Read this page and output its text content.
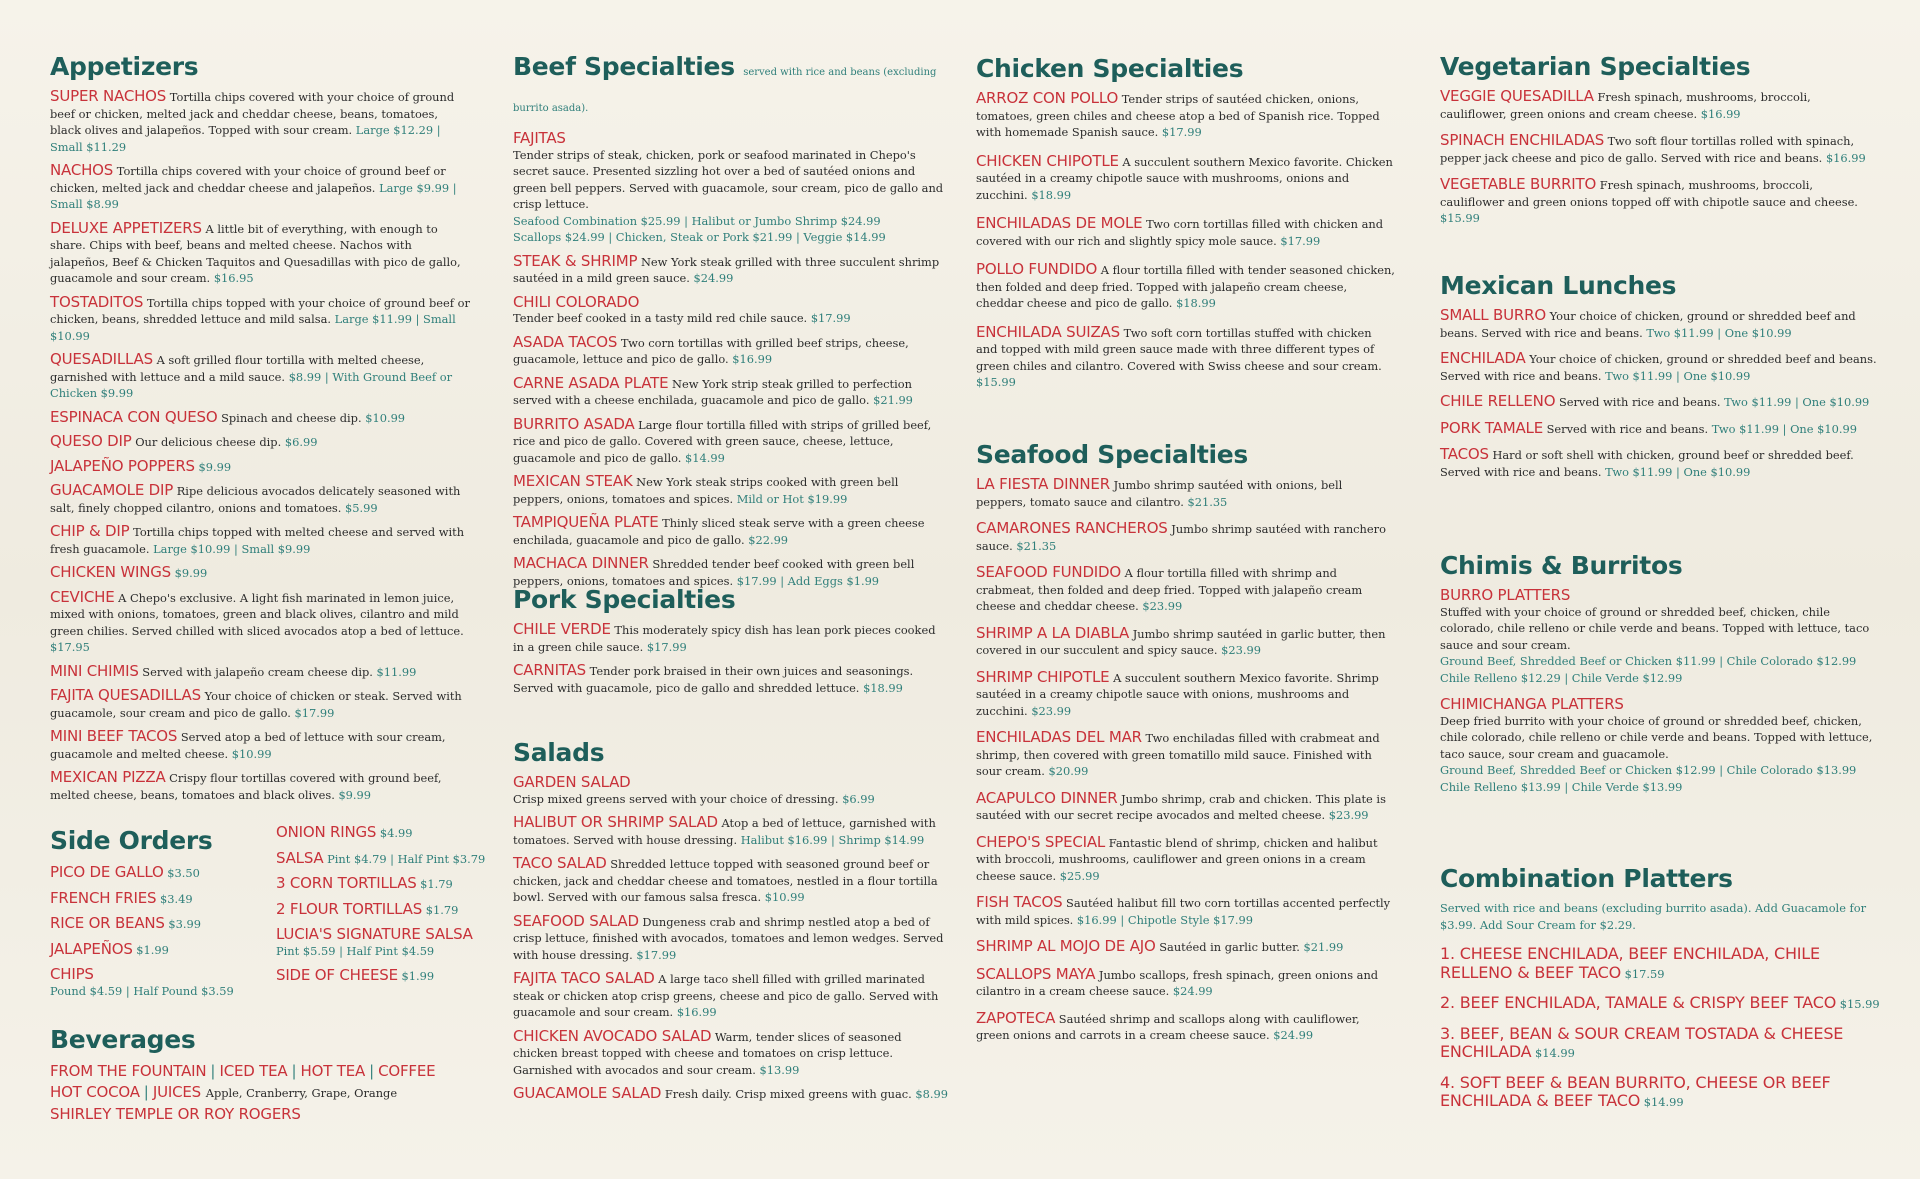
Appetizers
SUPER NACHOS Tortilla chips covered with your choice of ground beef or chicken, melted jack and cheddar cheese, beans, tomatoes, black olives and jalapeños. Topped with sour cream. Large $12.29 | Small $11.29
NACHOS Tortilla chips covered with your choice of ground beef or chicken, melted jack and cheddar cheese and jalapeños. Large $9.99 | Small $8.99
DELUXE APPETIZERS A little bit of everything, with enough to share. Chips with beef, beans and melted cheese. Nachos with jalapeños, Beef & Chicken Taquitos and Quesadillas with pico de gallo, guacamole and sour cream. $16.95
TOSTADITOS Tortilla chips topped with your choice of ground beef or chicken, beans, shredded lettuce and mild salsa. Large $11.99 | Small $10.99
QUESADILLAS A soft grilled flour tortilla with melted cheese, garnished with lettuce and a mild sauce. $8.99 | With Ground Beef or Chicken $9.99
ESPINACA CON QUESO Spinach and cheese dip. $10.99
QUESO DIP Our delicious cheese dip. $6.99
JALAPEÑO POPPERS $9.99
GUACAMOLE DIP Ripe delicious avocados delicately seasoned with salt, finely chopped cilantro, onions and tomatoes. $5.99
CHIP & DIP Tortilla chips topped with melted cheese and served with fresh guacamole. Large $10.99 | Small $9.99
CHICKEN WINGS $9.99
CEVICHE A Chepo's exclusive. A light fish marinated in lemon juice, mixed with onions, tomatoes, green and black olives, cilantro and mild green chilies. Served chilled with sliced avocados atop a bed of lettuce. $17.95
MINI CHIMIS Served with jalapeño cream cheese dip. $11.99
FAJITA QUESADILLAS Your choice of chicken or steak. Served with guacamole, sour cream and pico de gallo. $17.99
MINI BEEF TACOS Served atop a bed of lettuce with sour cream, guacamole and melted cheese. $10.99
MEXICAN PIZZA Crispy flour tortillas covered with ground beef, melted cheese, beans, tomatoes and black olives. $9.99
Side Orders
PICO DE GALLO $3.50
FRENCH FRIES $3.49
RICE OR BEANS $3.99
JALAPEÑOS $1.99
CHIPS
Pound $4.59 | Half Pound $3.59
ONION RINGS $4.99
SALSA Pint $4.79 | Half Pint $3.79
3 CORN TORTILLAS $1.79
2 FLOUR TORTILLAS $1.79
LUCIA'S SIGNATURE SALSA
Pint $5.59 | Half Pint $4.59
SIDE OF CHEESE $1.99
Beverages
FROM THE FOUNTAIN | ICED TEA | HOT TEA | COFFEE
HOT COCOA | JUICES Apple, Cranberry, Grape, Orange
SHIRLEY TEMPLE OR ROY ROGERS
Beef Specialties served with rice and beans (excluding burrito asada).
FAJITAS
Tender strips of steak, chicken, pork or seafood marinated in Chepo's secret sauce. Presented sizzling hot over a bed of sautéed onions and green bell peppers. Served with guacamole, sour cream, pico de gallo and crisp lettuce.
Seafood Combination $25.99 | Halibut or Jumbo Shrimp $24.99
Scallops $24.99 | Chicken, Steak or Pork $21.99 | Veggie $14.99
STEAK & SHRIMP New York steak grilled with three succulent shrimp sautéed in a mild green sauce. $24.99
CHILI COLORADO
Tender beef cooked in a tasty mild red chile sauce. $17.99
ASADA TACOS Two corn tortillas with grilled beef strips, cheese, guacamole, lettuce and pico de gallo. $16.99
CARNE ASADA PLATE New York strip steak grilled to perfection served with a cheese enchilada, guacamole and pico de gallo. $21.99
BURRITO ASADA Large flour tortilla filled with strips of grilled beef, rice and pico de gallo. Covered with green sauce, cheese, lettuce, guacamole and pico de gallo. $14.99
MEXICAN STEAK New York steak strips cooked with green bell peppers, onions, tomatoes and spices. Mild or Hot $19.99
TAMPIQUEÑA PLATE Thinly sliced steak serve with a green cheese enchilada, guacamole and pico de gallo. $22.99
MACHACA DINNER Shredded tender beef cooked with green bell peppers, onions, tomatoes and spices. $17.99 | Add Eggs $1.99
Pork Specialties
CHILE VERDE This moderately spicy dish has lean pork pieces cooked in a green chile sauce. $17.99
CARNITAS Tender pork braised in their own juices and seasonings. Served with guacamole, pico de gallo and shredded lettuce. $18.99
Salads
GARDEN SALAD
Crisp mixed greens served with your choice of dressing. $6.99
HALIBUT OR SHRIMP SALAD Atop a bed of lettuce, garnished with tomatoes. Served with house dressing. Halibut $16.99 | Shrimp $14.99
TACO SALAD Shredded lettuce topped with seasoned ground beef or chicken, jack and cheddar cheese and tomatoes, nestled in a flour tortilla bowl. Served with our famous salsa fresca. $10.99
SEAFOOD SALAD Dungeness crab and shrimp nestled atop a bed of crisp lettuce, finished with avocados, tomatoes and lemon wedges. Served with house dressing. $17.99
FAJITA TACO SALAD A large taco shell filled with grilled marinated steak or chicken atop crisp greens, cheese and pico de gallo. Served with guacamole and sour cream. $16.99
CHICKEN AVOCADO SALAD Warm, tender slices of seasoned chicken breast topped with cheese and tomatoes on crisp lettuce. Garnished with avocados and sour cream. $13.99
GUACAMOLE SALAD Fresh daily. Crisp mixed greens with guac. $8.99
Chicken Specialties
ARROZ CON POLLO Tender strips of sautéed chicken, onions, tomatoes, green chiles and cheese atop a bed of Spanish rice. Topped with homemade Spanish sauce. $17.99
CHICKEN CHIPOTLE A succulent southern Mexico favorite. Chicken sautéed in a creamy chipotle sauce with mushrooms, onions and zucchini. $18.99
ENCHILADAS DE MOLE Two corn tortillas filled with chicken and covered with our rich and slightly spicy mole sauce. $17.99
POLLO FUNDIDO A flour tortilla filled with tender seasoned chicken, then folded and deep fried. Topped with jalapeño cream cheese, cheddar cheese and pico de gallo. $18.99
ENCHILADA SUIZAS Two soft corn tortillas stuffed with chicken and topped with mild green sauce made with three different types of green chiles and cilantro. Covered with Swiss cheese and sour cream. $15.99
Seafood Specialties
LA FIESTA DINNER Jumbo shrimp sautéed with onions, bell peppers, tomato sauce and cilantro. $21.35
CAMARONES RANCHEROS Jumbo shrimp sautéed with ranchero sauce. $21.35
SEAFOOD FUNDIDO A flour tortilla filled with shrimp and crabmeat, then folded and deep fried. Topped with jalapeño cream cheese and cheddar cheese. $23.99
SHRIMP A LA DIABLA Jumbo shrimp sautéed in garlic butter, then covered in our succulent and spicy sauce. $23.99
SHRIMP CHIPOTLE A succulent southern Mexico favorite. Shrimp sautéed in a creamy chipotle sauce with onions, mushrooms and zucchini. $23.99
ENCHILADAS DEL MAR Two enchiladas filled with crabmeat and shrimp, then covered with green tomatillo mild sauce. Finished with sour cream. $20.99
ACAPULCO DINNER Jumbo shrimp, crab and chicken. This plate is sautéed with our secret recipe avocados and melted cheese. $23.99
CHEPO'S SPECIAL Fantastic blend of shrimp, chicken and halibut with broccoli, mushrooms, cauliflower and green onions in a cream cheese sauce. $25.99
FISH TACOS Sautéed halibut fill two corn tortillas accented perfectly with mild spices. $16.99 | Chipotle Style $17.99
SHRIMP AL MOJO DE AJO Sautéed in garlic butter. $21.99
SCALLOPS MAYA Jumbo scallops, fresh spinach, green onions and cilantro in a cream cheese sauce. $24.99
ZAPOTECA Sautéed shrimp and scallops along with cauliflower, green onions and carrots in a cream cheese sauce. $24.99
Vegetarian Specialties
VEGGIE QUESADILLA Fresh spinach, mushrooms, broccoli, cauliflower, green onions and cream cheese. $16.99
SPINACH ENCHILADAS Two soft flour tortillas rolled with spinach, pepper jack cheese and pico de gallo. Served with rice and beans. $16.99
VEGETABLE BURRITO Fresh spinach, mushrooms, broccoli, cauliflower and green onions topped off with chipotle sauce and cheese. $15.99
Mexican Lunches
SMALL BURRO Your choice of chicken, ground or shredded beef and beans. Served with rice and beans. Two $11.99 | One $10.99
ENCHILADA Your choice of chicken, ground or shredded beef and beans. Served with rice and beans. Two $11.99 | One $10.99
CHILE RELLENO Served with rice and beans. Two $11.99 | One $10.99
PORK TAMALE Served with rice and beans. Two $11.99 | One $10.99
TACOS Hard or soft shell with chicken, ground beef or shredded beef. Served with rice and beans. Two $11.99 | One $10.99
Chimis & Burritos
BURRO PLATTERS
Stuffed with your choice of ground or shredded beef, chicken, chile colorado, chile relleno or chile verde and beans. Topped with lettuce, taco sauce and sour cream.
Ground Beef, Shredded Beef or Chicken $11.99 | Chile Colorado $12.99
Chile Relleno $12.29 | Chile Verde $12.99
CHIMICHANGA PLATTERS
Deep fried burrito with your choice of ground or shredded beef, chicken, chile colorado, chile relleno or chile verde and beans. Topped with lettuce, taco sauce, sour cream and guacamole.
Ground Beef, Shredded Beef or Chicken $12.99 | Chile Colorado $13.99
Chile Relleno $13.99 | Chile Verde $13.99
Combination Platters
Served with rice and beans (excluding burrito asada). Add Guacamole for $3.99. Add Sour Cream for $2.29.
1. CHEESE ENCHILADA, BEEF ENCHILADA, CHILE RELLENO & BEEF TACO $17.59
2. BEEF ENCHILADA, TAMALE & CRISPY BEEF TACO $15.99
3. BEEF, BEAN & SOUR CREAM TOSTADA & CHEESE ENCHILADA $14.99
4. SOFT BEEF & BEAN BURRITO, CHEESE OR BEEF ENCHILADA & BEEF TACO $14.99
